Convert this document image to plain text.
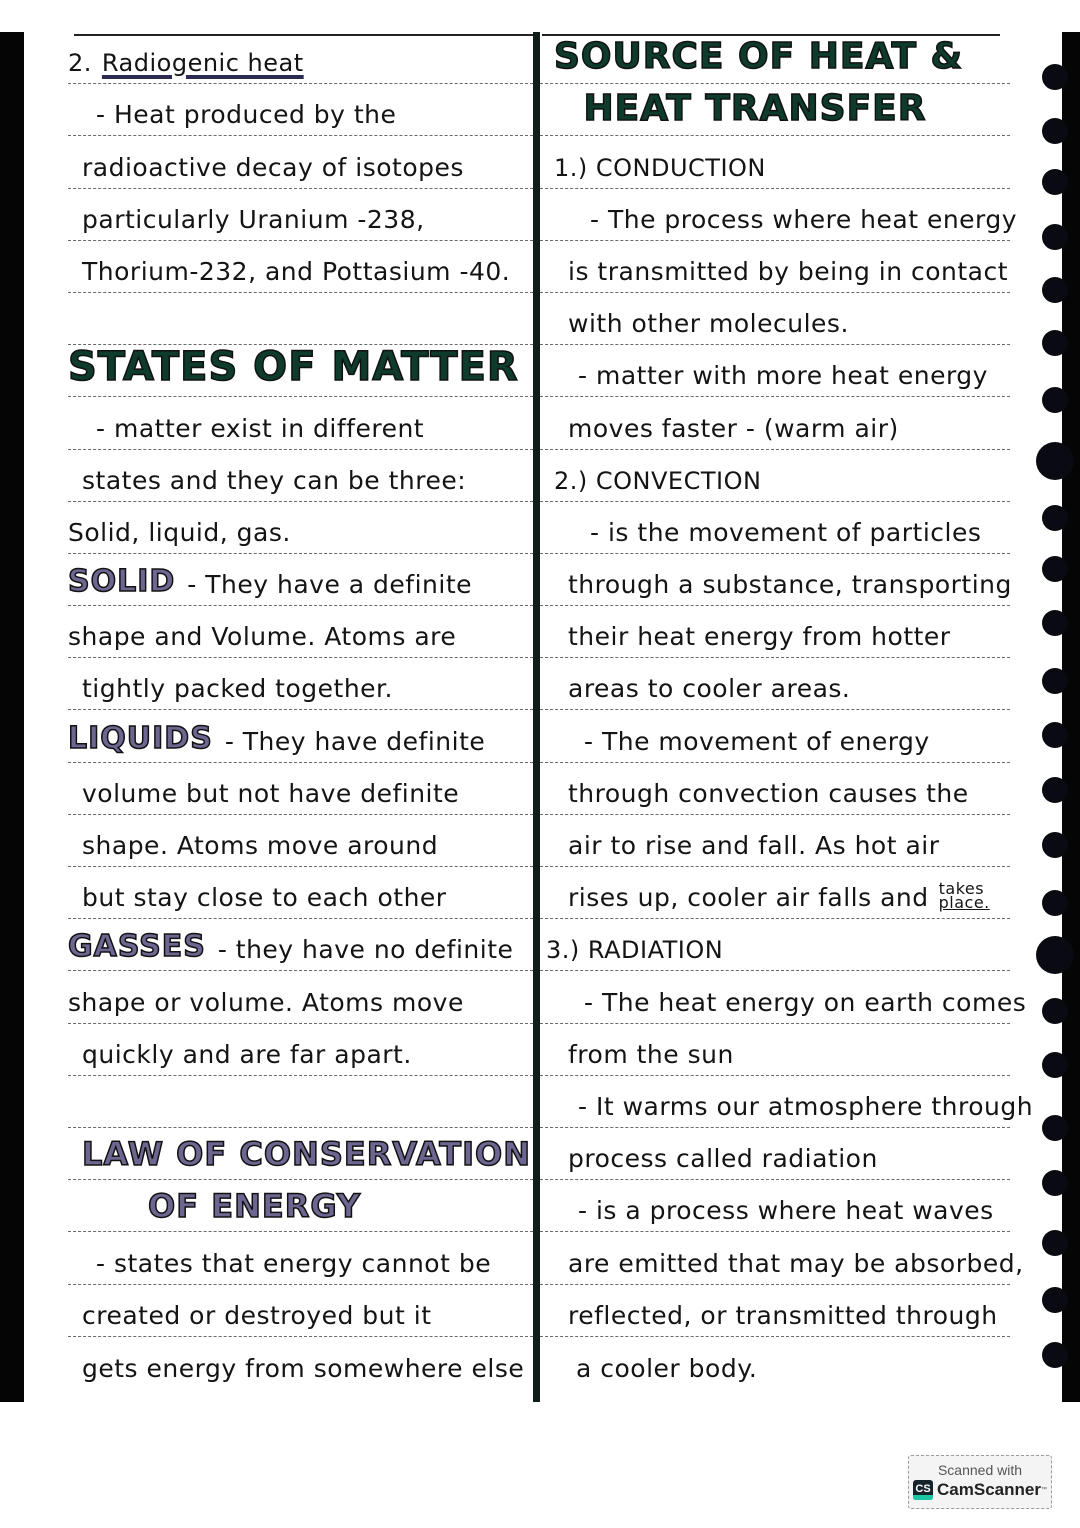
2. Radiogenic heat
- Heat produced by the
radioactive decay of isotopes
particularly Uranium -238,
Thorium-232, and Pottasium -40.
STATES OF MATTER
- matter exist in different
states and they can be three:
Solid, liquid, gas.
SOLID - They have a definite
shape and Volume. Atoms are
tightly packed together.
LIQUIDS - They have definite
volume but not have definite
shape. Atoms move around
but stay close to each other
GASSES - they have no definite
shape or volume. Atoms move
quickly and are far apart.
LAW OF CONSERVATION
OF ENERGY
- states that energy cannot be
created or destroyed but it
gets energy from somewhere else
SOURCE OF HEAT &
HEAT TRANSFER
1.) CONDUCTION
- The process where heat energy
is transmitted by being in contact
with other molecules.
- matter with more heat energy
moves faster - (warm air)
2.) CONVECTION
- is the movement of particles
through a substance, transporting
their heat energy from hotter
areas to cooler areas.
- The movement of energy
through convection causes the
air to rise and fall. As hot air
rises up, cooler air falls and takes
place.
3.) RADIATION
- The heat energy on earth comes
from the sun
- It warms our atmosphere through
process called radiation
- is a process where heat waves
are emitted that may be absorbed,
reflected, or transmitted through
a cooler body.
Scanned with
CS CamScanner ™
